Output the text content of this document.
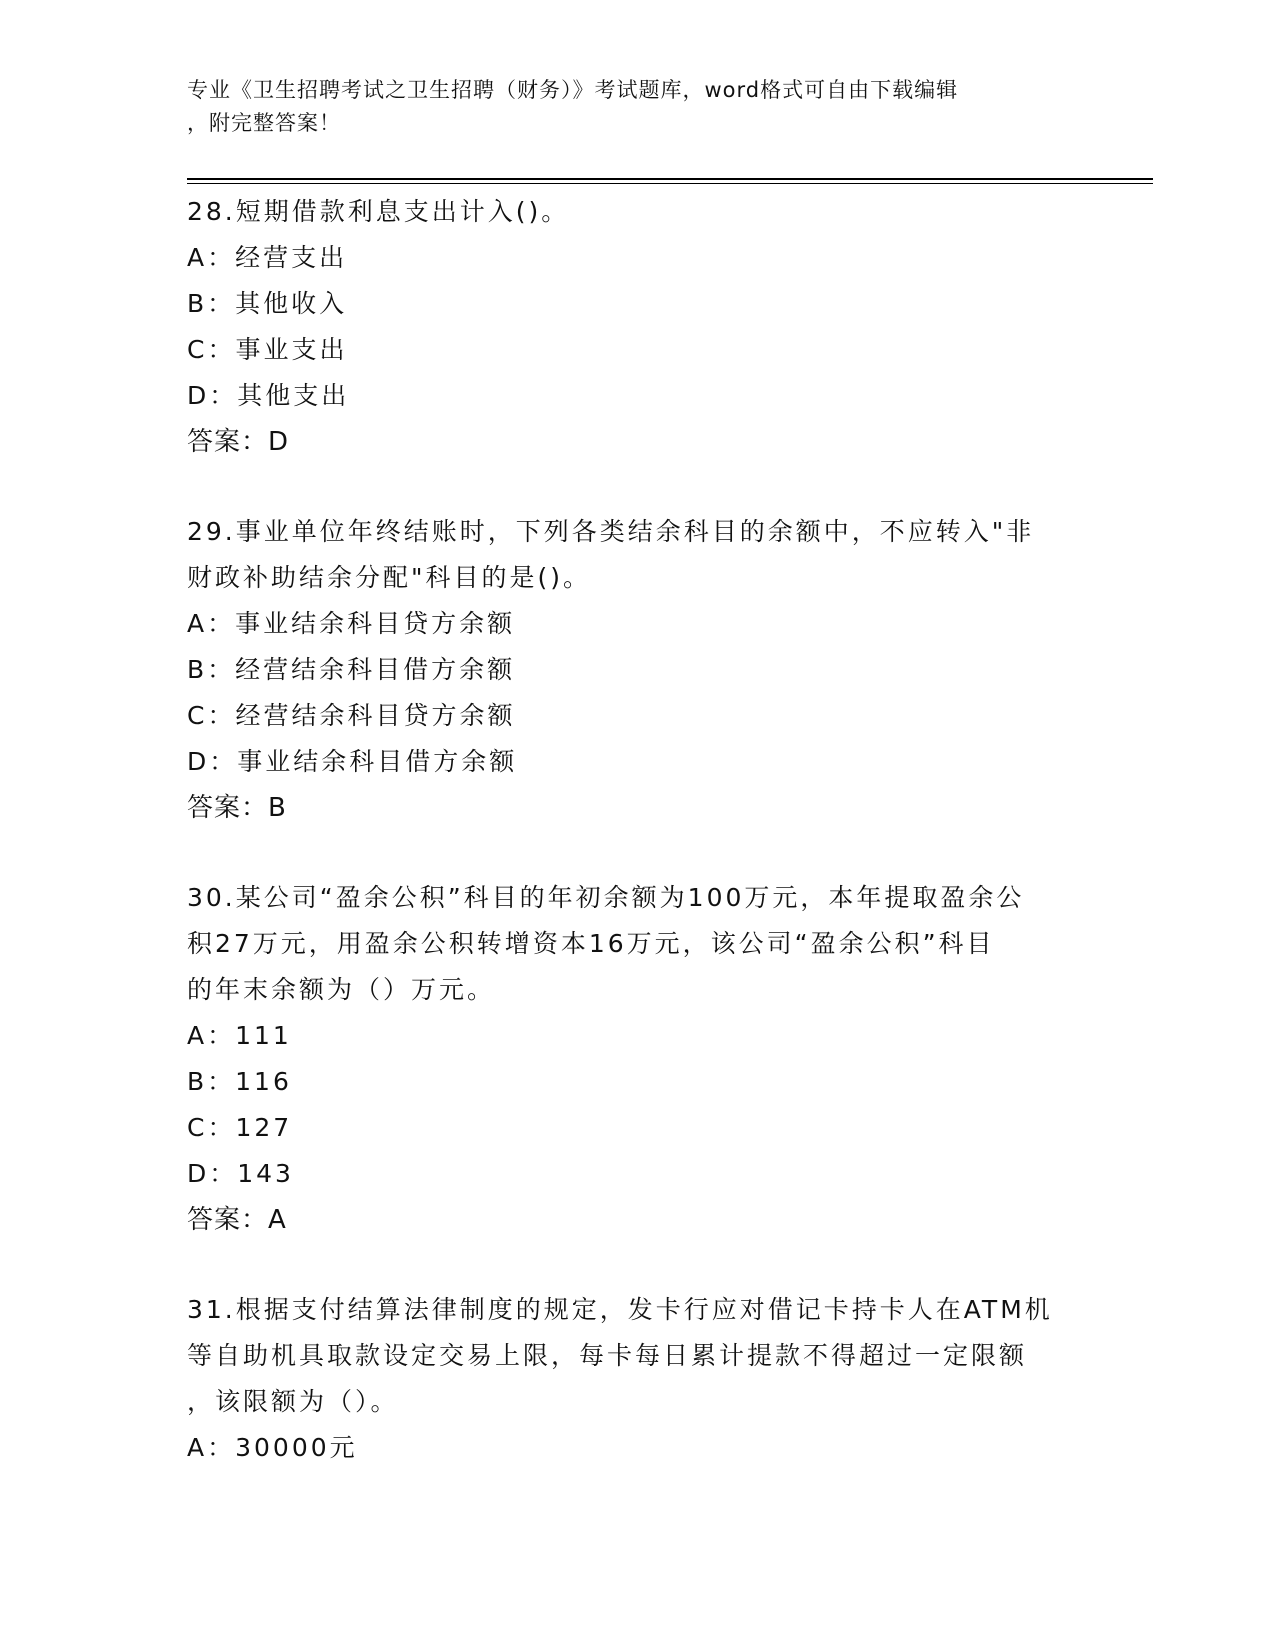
专业《卫生招聘考试之卫生招聘（财务）》考试题库，word格式可自由下载编辑
，附完整答案！
28.短期借款利息支出计入()。
A：经营支出
B：其他收入
C：事业支出
D：其他支出
答案：D
29.事业单位年终结账时，下列各类结余科目的余额中，不应转入"非
财政补助结余分配"科目的是()。
A：事业结余科目贷方余额
B：经营结余科目借方余额
C：经营结余科目贷方余额
D：事业结余科目借方余额
答案：B
30.某公司“盈余公积”科目的年初余额为100万元，本年提取盈余公
积27万元，用盈余公积转增资本16万元，该公司“盈余公积”科目
的年末余额为（）万元。
A：111
B：116
C：127
D：143
答案：A
31.根据支付结算法律制度的规定，发卡行应对借记卡持卡人在ATM机
等自助机具取款设定交易上限，每卡每日累计提款不得超过一定限额
，该限额为（）。
A：30000元
